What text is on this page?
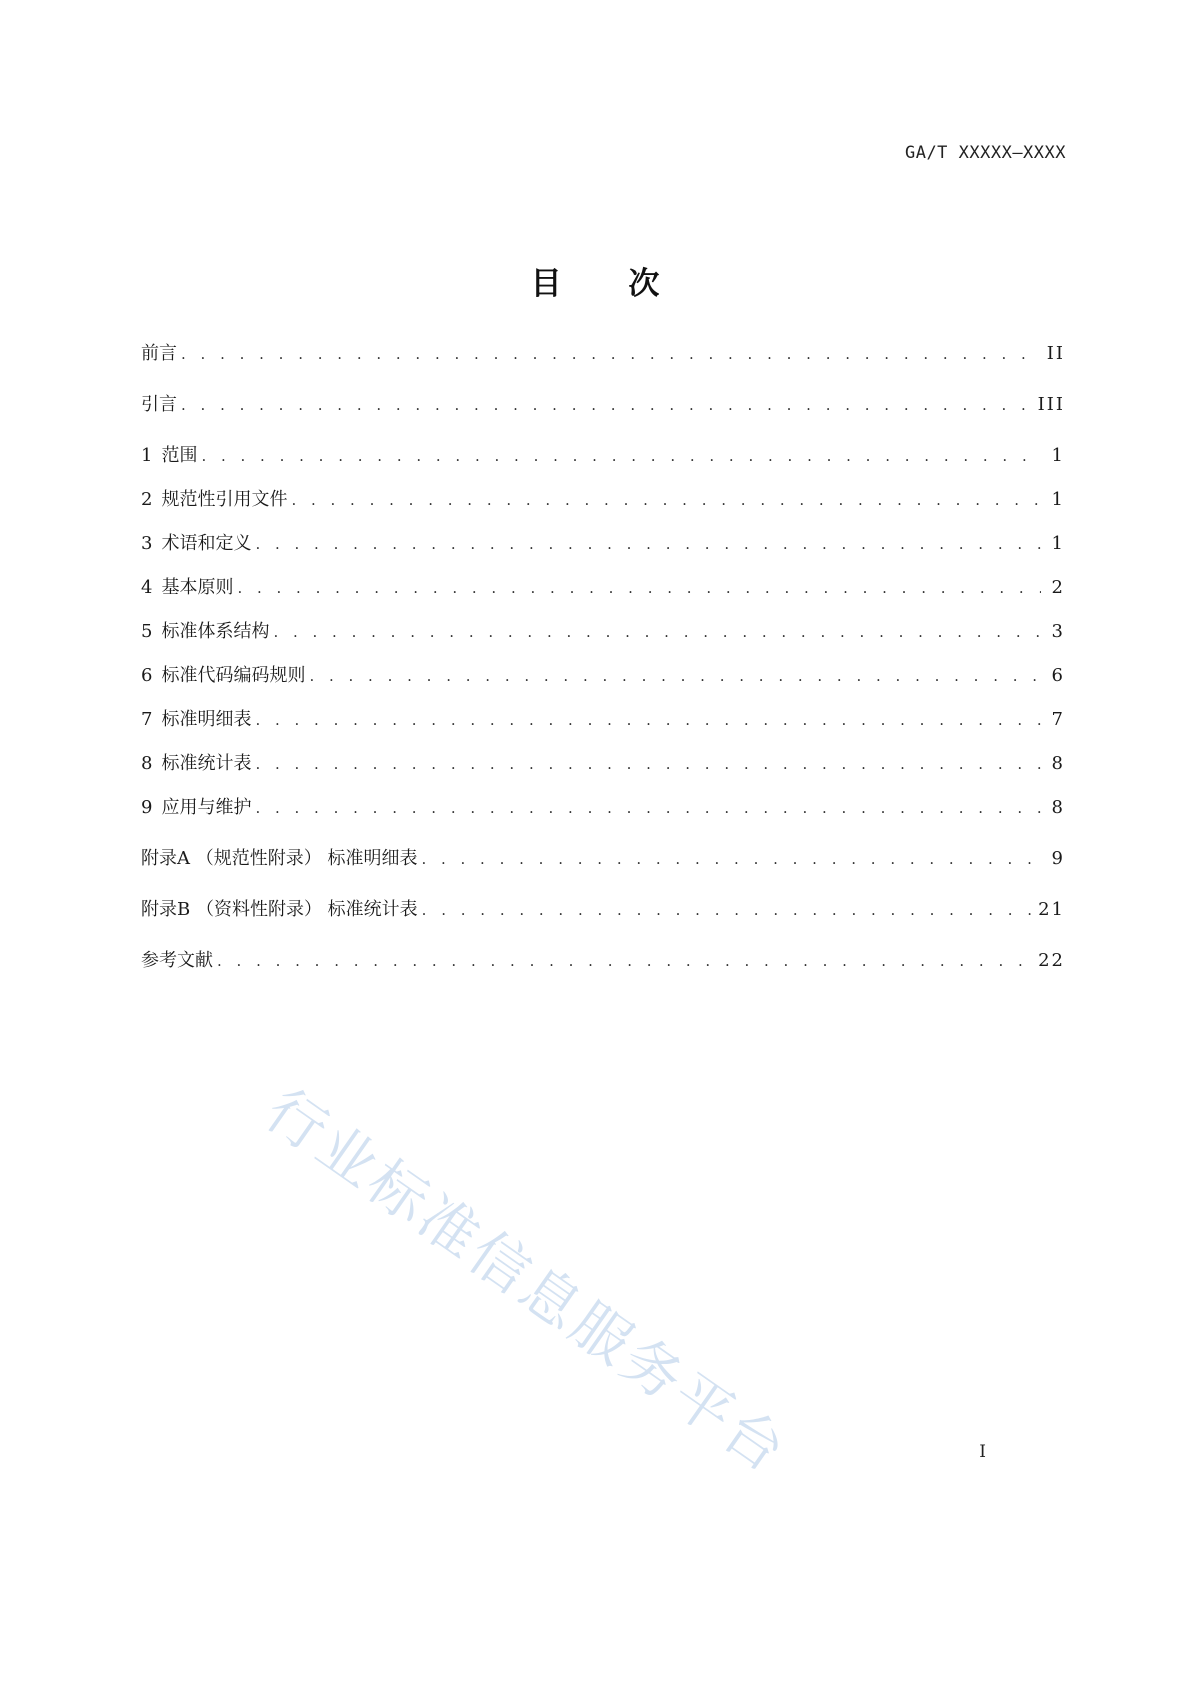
GA/T XXXXX—XXXX
目 次
前言 . . .	II
引言 . . .	III
1 范围 . . .	1
2 规范性引用文件 . . .	1
3 术语和定义 . . .	1
4 基本原则 . . .	2
5 标准体系结构 . . .	3
6 标准代码编码规则 . . .	6
7 标准明细表 . . .	7
8 标准统计表 . . .	8
9 应用与维护 . . .	8
附录A （规范性附录） 标准明细表 . . .	9
附录B （资料性附录） 标准统计表 . . .	21
参考文献 . . .	22
行业标准信息服务平台	I
